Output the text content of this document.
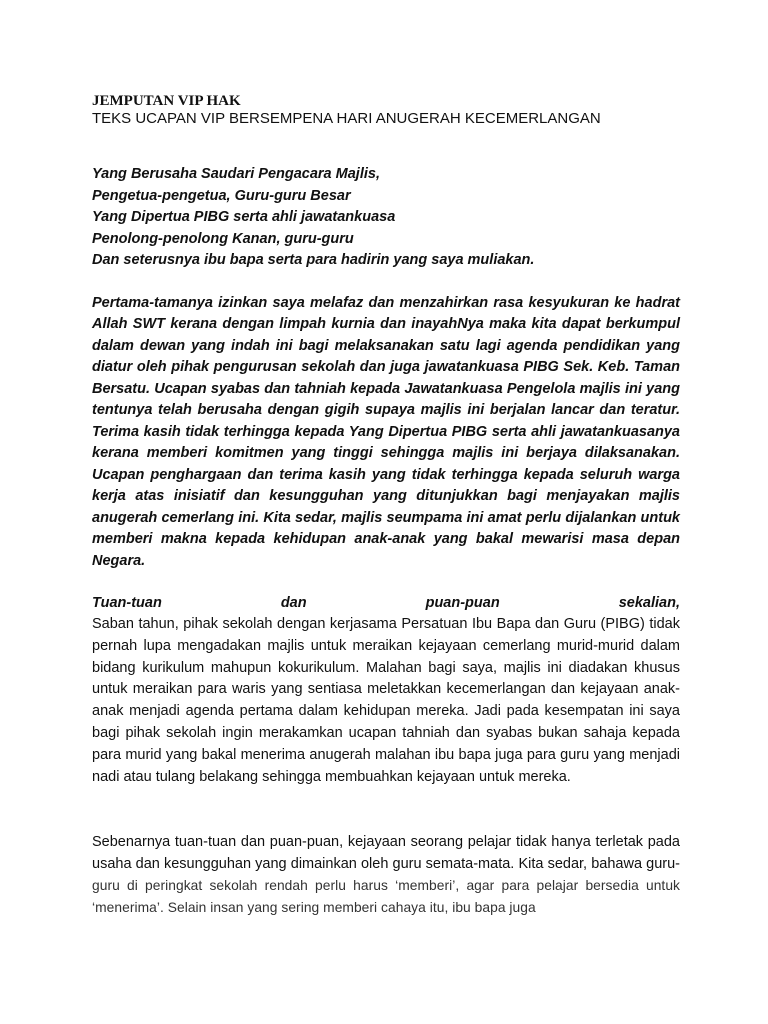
JEMPUTAN VIP HAK

TEKS UCAPAN VIP BERSEMPENA HARI ANUGERAH KECEMERLANGAN

Yang Berusaha Saudari Pengacara Majlis,
Pengetua-pengetua, Guru-guru Besar
Yang Dipertua PIBG serta ahli jawatankuasa
Penolong-penolong Kanan, guru-guru
Dan seterusnya ibu bapa serta para hadirin yang saya muliakan.
Pertama-tamanya izinkan saya melafaz dan menzahirkan rasa kesyukuran ke hadrat Allah SWT kerana dengan limpah kurnia dan inayahNya maka kita dapat berkumpul dalam dewan yang indah ini bagi melaksanakan satu lagi agenda pendidikan yang diatur oleh pihak pengurusan sekolah dan juga jawatankuasa PIBG Sek. Keb. Taman Bersatu. Ucapan syabas dan tahniah kepada Jawatankuasa Pengelola majlis ini yang tentunya telah berusaha dengan gigih supaya majlis ini berjalan lancar dan teratur. Terima kasih tidak terhingga kepada Yang Dipertua PIBG serta ahli jawatankuasanya kerana memberi komitmen yang tinggi sehingga majlis ini berjaya dilaksanakan. Ucapan penghargaan dan terima kasih yang tidak terhingga kepada seluruh warga kerja atas inisiatif dan kesungguhan yang ditunjukkan bagi menjayakan majlis anugerah cemerlang ini. Kita sedar, majlis seumpama ini amat perlu dijalankan untuk memberi makna kepada kehidupan anak-anak yang bakal mewarisi masa depan Negara.
Tuan-tuan	dan	puan-puan	sekalian,

Saban tahun, pihak sekolah dengan kerjasama Persatuan Ibu Bapa dan Guru (PIBG) tidak pernah lupa mengadakan majlis untuk meraikan kejayaan cemerlang murid-murid dalam bidang kurikulum mahupun kokurikulum. Malahan bagi saya, majlis ini diadakan khusus untuk meraikan para waris yang sentiasa meletakkan kecemerlangan dan kejayaan anak-anak menjadi agenda pertama dalam kehidupan mereka. Jadi pada kesempatan ini saya bagi pihak sekolah ingin merakamkan ucapan tahniah dan syabas bukan sahaja kepada para murid yang bakal menerima anugerah malahan ibu bapa juga para guru yang menjadi nadi atau tulang belakang sehingga membuahkan kejayaan untuk mereka.

Sebenarnya tuan-tuan dan puan-puan, kejayaan seorang pelajar tidak hanya terletak pada usaha dan kesungguhan yang dimainkan oleh guru semata-mata. Kita sedar, bahawa guru-guru di peringkat sekolah rendah perlu harus ‘memberi’, agar para pelajar bersedia untuk ‘menerima’. Selain insan yang sering memberi cahaya itu, ibu bapa juga
